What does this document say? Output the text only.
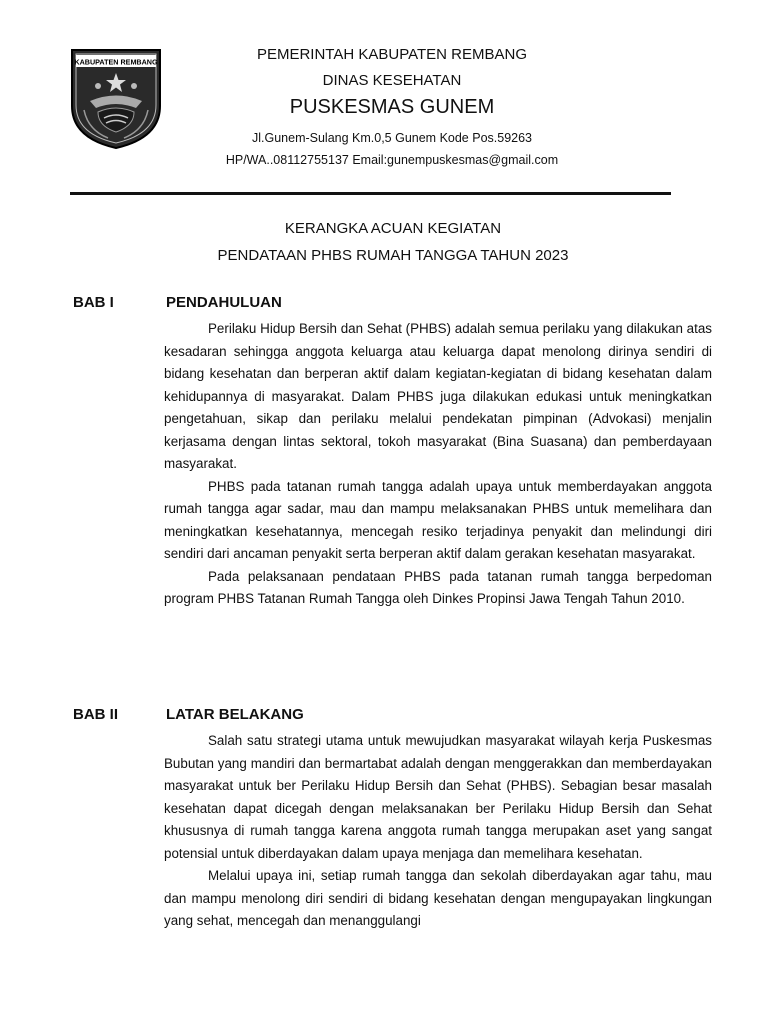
KABUPATEN REMBANG	PEMERINTAH KABUPATEN REMBANG
DINAS KESEHATAN
PUSKESMAS GUNEM
Jl.Gunem-Sulang Km.0,5 Gunem Kode Pos.59263
HP/WA..08112755137 Email:gunempuskesmas@gmail.com
KERANGKA ACUAN KEGIATAN
PENDATAAN PHBS RUMAH TANGGA TAHUN 2023
BAB I	PENDAHULUAN

Perilaku Hidup Bersih dan Sehat (PHBS) adalah semua perilaku yang dilakukan atas kesadaran sehingga anggota keluarga atau keluarga dapat menolong dirinya sendiri di bidang kesehatan dan berperan aktif dalam kegiatan-kegiatan di bidang kesehatan dalam kehidupannya di masyarakat. Dalam PHBS juga dilakukan edukasi untuk meningkatkan pengetahuan, sikap dan perilaku melalui pendekatan pimpinan (Advokasi) menjalin kerjasama dengan lintas sektoral, tokoh masyarakat (Bina Suasana) dan pemberdayaan masyarakat.

PHBS pada tatanan rumah tangga adalah upaya untuk memberdayakan anggota rumah tangga agar sadar, mau dan mampu melaksanakan PHBS untuk memelihara dan meningkatkan kesehatannya, mencegah resiko terjadinya penyakit dan melindungi diri sendiri dari ancaman penyakit serta berperan aktif dalam gerakan kesehatan masyarakat.

Pada pelaksanaan pendataan PHBS pada tatanan rumah tangga berpedoman program PHBS Tatanan Rumah Tangga oleh Dinkes Propinsi Jawa Tengah Tahun 2010.

BAB II	LATAR BELAKANG

Salah satu strategi utama untuk mewujudkan masyarakat wilayah kerja Puskesmas Bubutan yang mandiri dan bermartabat adalah dengan menggerakkan dan memberdayakan masyarakat untuk ber Perilaku Hidup Bersih dan Sehat (PHBS). Sebagian besar masalah kesehatan dapat dicegah dengan melaksanakan ber Perilaku Hidup Bersih dan Sehat khususnya di rumah tangga karena anggota rumah tangga merupakan aset yang sangat potensial untuk diberdayakan dalam upaya menjaga dan memelihara kesehatan.

Melalui upaya ini, setiap rumah tangga dan sekolah diberdayakan agar tahu, mau dan mampu menolong diri sendiri di bidang kesehatan dengan mengupayakan lingkungan yang sehat, mencegah dan menanggulangi
